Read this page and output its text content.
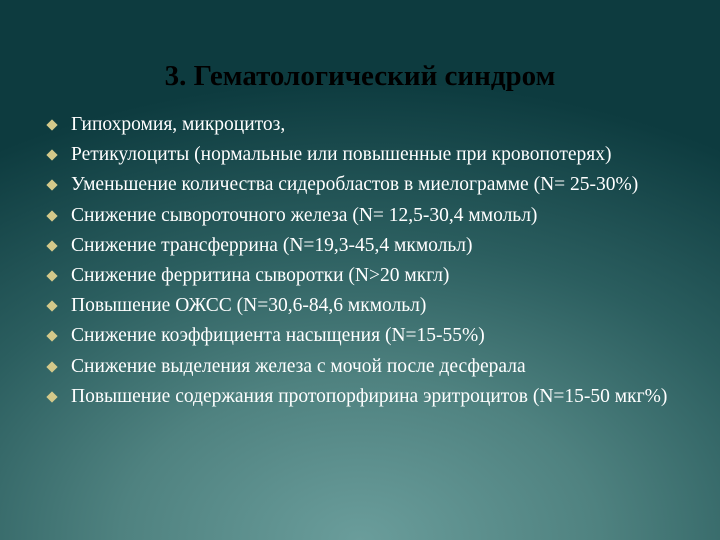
3. Гематологический синдром
Гипохромия, микроцитоз,
Ретикулоциты (нормальные или повышенные при кровопотерях)
Уменьшение количества сидеробластов в миелограмме (N= 25-30%)
Снижение сывороточного железа (N= 12,5-30,4 ммольл)
Снижение трансферрина (N=19,3-45,4 мкмольл)
Снижение ферритина сыворотки (N>20 мкгл)
Повышение ОЖСС (N=30,6-84,6 мкмольл)
Снижение коэффициента насыщения (N=15-55%)
Снижение выделения железа с мочой после десферала
Повышение содержания протопорфирина эритроцитов (N=15-50 мкг%)
